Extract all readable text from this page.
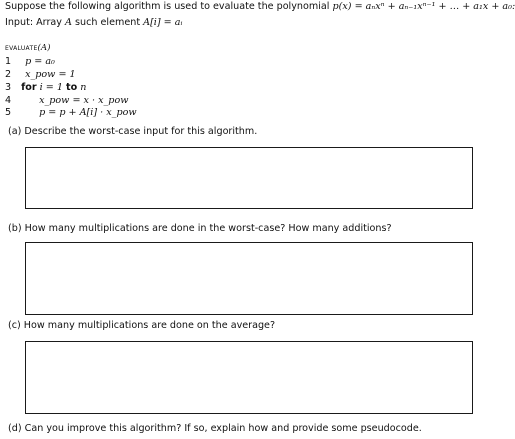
Suppose the following algorithm is used to evaluate the polynomial p(x) = aₙxⁿ + aₙ₋₁xⁿ⁻¹ + … + a₁x + a₀:
Input: Array A such element A[i] = aᵢ
evaluate(A)
1 p = a₀
2 x_pow = 1
3 for i = 1 to n
4	x_pow = x · x_pow
5	p = p + A[i] · x_pow
(a) Describe the worst-case input for this algorithm.
(b) How many multiplications are done in the worst-case? How many additions?
(c) How many multiplications are done on the average?
(d) Can you improve this algorithm? If so, explain how and provide some pseudocode.
